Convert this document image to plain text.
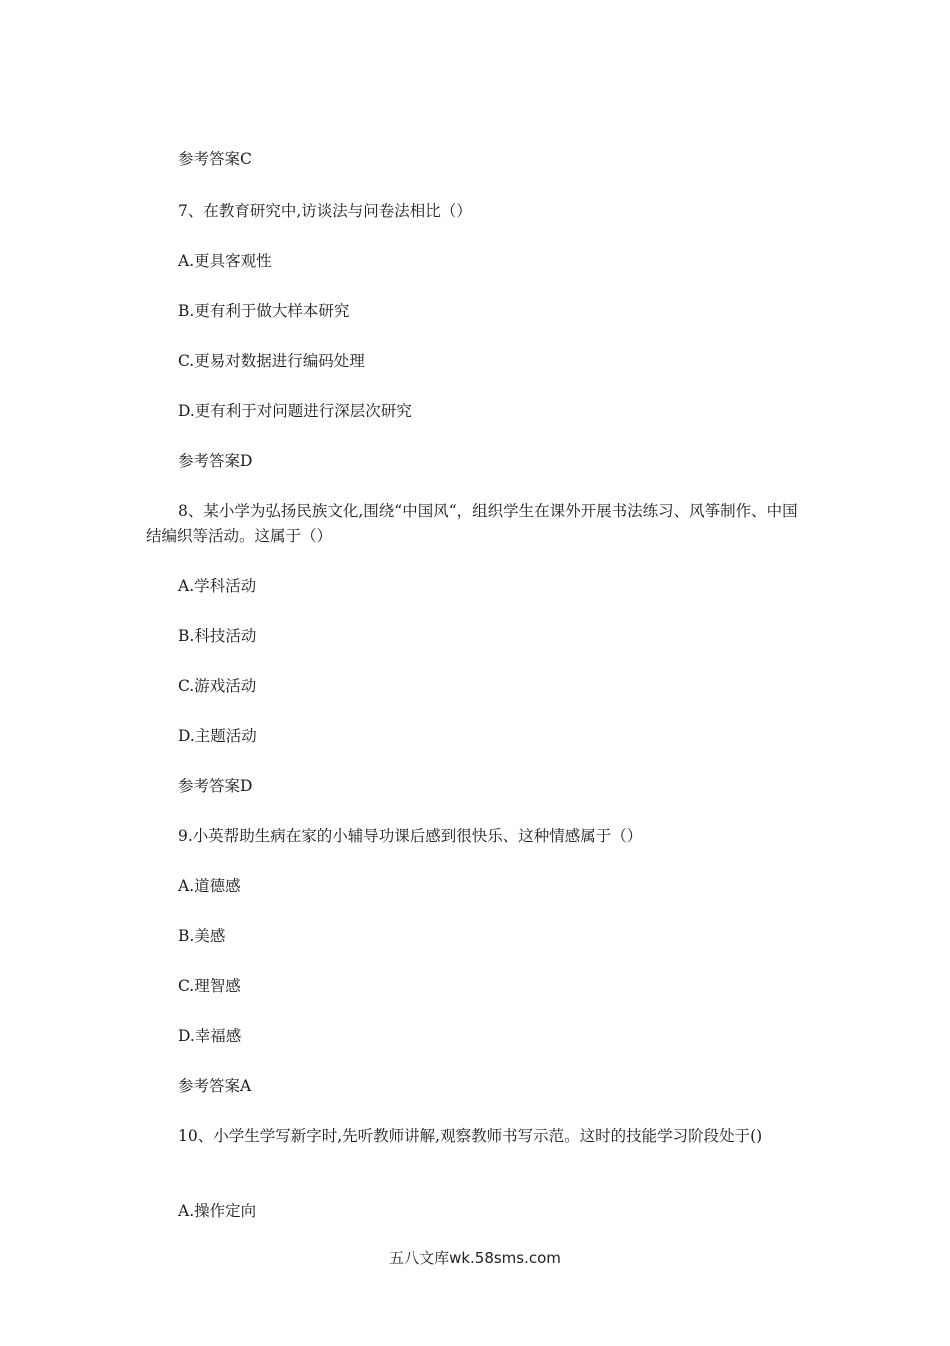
参考答案C
7、在教育研究中,访谈法与问卷法相比（）
A.更具客观性
B.更有利于做大样本研究
C.更易对数据进行编码处理
D.更有利于对问题进行深层次研究
参考答案D
8、某小学为弘扬民族文化,围绕“中国风“，组织学生在课外开展书法练习、风筝制作、中国结编织等活动。这属于（）
A.学科活动
B.科技活动
C.游戏活动
D.主题活动
参考答案D
9.小英帮助生病在家的小辅导功课后感到很快乐、这种情感属于（）
A.道德感
B.美感
C.理智感
D.幸福感
参考答案A
10、小学生学写新字时,先听教师讲解,观察教师书写示范。这时的技能学习阶段处于()
A.操作定向
五八文库wk.58sms.com
